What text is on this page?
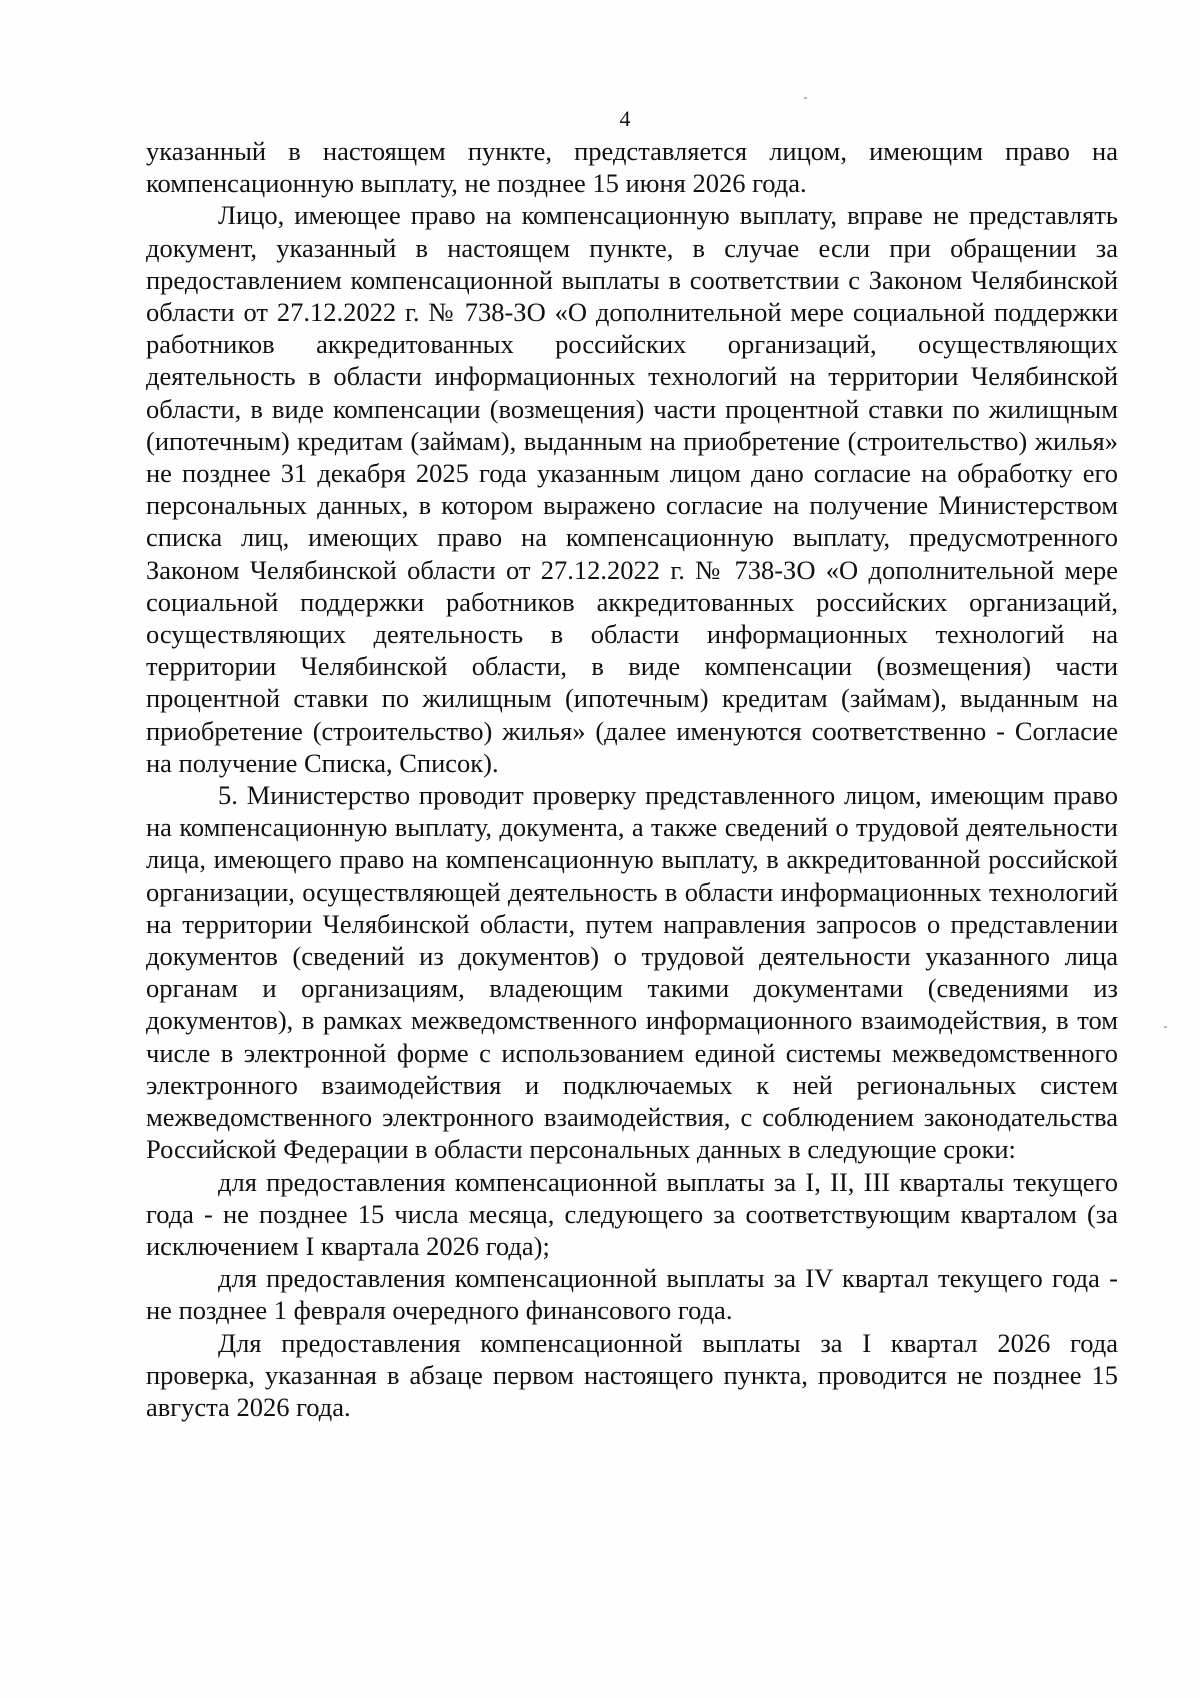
4

указанный в настоящем пункте, представляется лицом, имеющим право на компенсационную выплату, не позднее 15 июня 2026 года.

Лицо, имеющее право на компенсационную выплату, вправе не представлять документ, указанный в настоящем пункте, в случае если при обращении за предоставлением компенсационной выплаты в соответствии с Законом Челябинской области от 27.12.2022 г. № 738-ЗО «О дополнительной мере социальной поддержки работников аккредитованных российских организаций, осуществляющих деятельность в области информационных технологий на территории Челябинской области, в виде компенсации (возмещения) части процентной ставки по жилищным (ипотечным) кредитам (займам), выданным на приобретение (строительство) жилья» не позднее 31 декабря 2025 года указанным лицом дано согласие на обработку его персональных данных, в котором выражено согласие на получение Министерством списка лиц, имеющих право на компенсационную выплату, предусмотренного Законом Челябинской области от 27.12.2022 г. № 738-ЗО «О дополнительной мере социальной поддержки работников аккредитованных российских организаций, осуществляющих деятельность в области информационных технологий на территории Челябинской области, в виде компенсации (возмещения) части процентной ставки по жилищным (ипотечным) кредитам (займам), выданным на приобретение (строительство) жилья» (далее именуются соответственно - Согласие на получение Списка, Список).

5. Министерство проводит проверку представленного лицом, имеющим право на компенсационную выплату, документа, а также сведений о трудовой деятельности лица, имеющего право на компенсационную выплату, в аккредитованной российской организации, осуществляющей деятельность в области информационных технологий на территории Челябинской области, путем направления запросов о представлении документов (сведений из документов) о трудовой деятельности указанного лица органам и организациям, владеющим такими документами (сведениями из документов), в рамках межведомственного информационного взаимодействия, в том числе в электронной форме с использованием единой системы межведомственного электронного взаимодействия и подключаемых к ней региональных систем межведомственного электронного взаимодействия, с соблюдением законодательства Российской Федерации в области персональных данных в следующие сроки:

для предоставления компенсационной выплаты за I, II, III кварталы текущего года - не позднее 15 числа месяца, следующего за соответствующим кварталом (за исключением I квартала 2026 года);

для предоставления компенсационной выплаты за IV квартал текущего года - не позднее 1 февраля очередного финансового года.

Для предоставления компенсационной выплаты за I квартал 2026 года проверка, указанная в абзаце первом настоящего пункта, проводится не позднее 15 августа 2026 года.
